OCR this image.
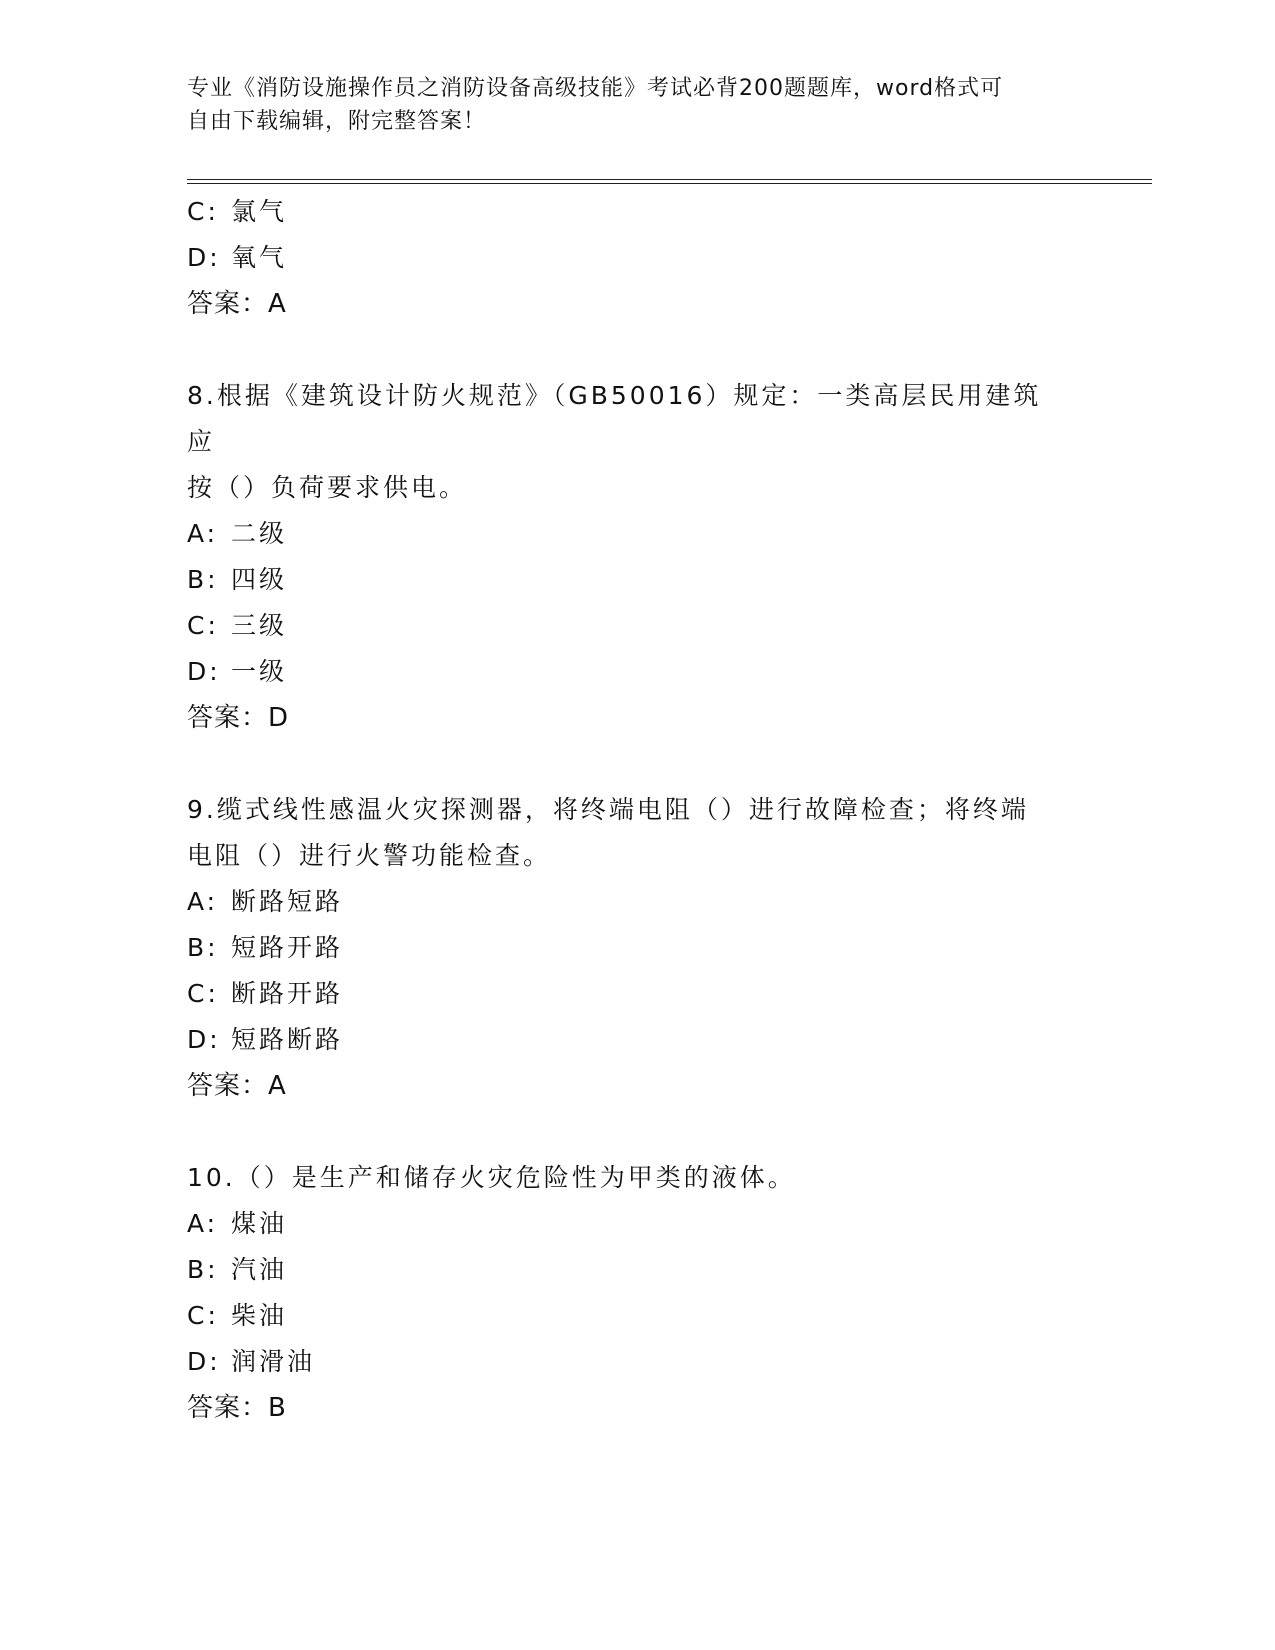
专业《消防设施操作员之消防设备高级技能》考试必背200题题库，word格式可
自由下载编辑，附完整答案！
C: 氯气
D: 氧气
答案：A
8.根据《建筑设计防火规范》（GB50016）规定：一类高层民用建筑应
按（）负荷要求供电。
A: 二级
B: 四级
C: 三级
D: 一级
答案：D
9.缆式线性感温火灾探测器，将终端电阻（）进行故障检查；将终端
电阻（）进行火警功能检查。
A: 断路短路
B: 短路开路
C: 断路开路
D: 短路断路
答案：A
10.（）是生产和储存火灾危险性为甲类的液体。
A: 煤油
B: 汽油
C: 柴油
D: 润滑油
答案：B
